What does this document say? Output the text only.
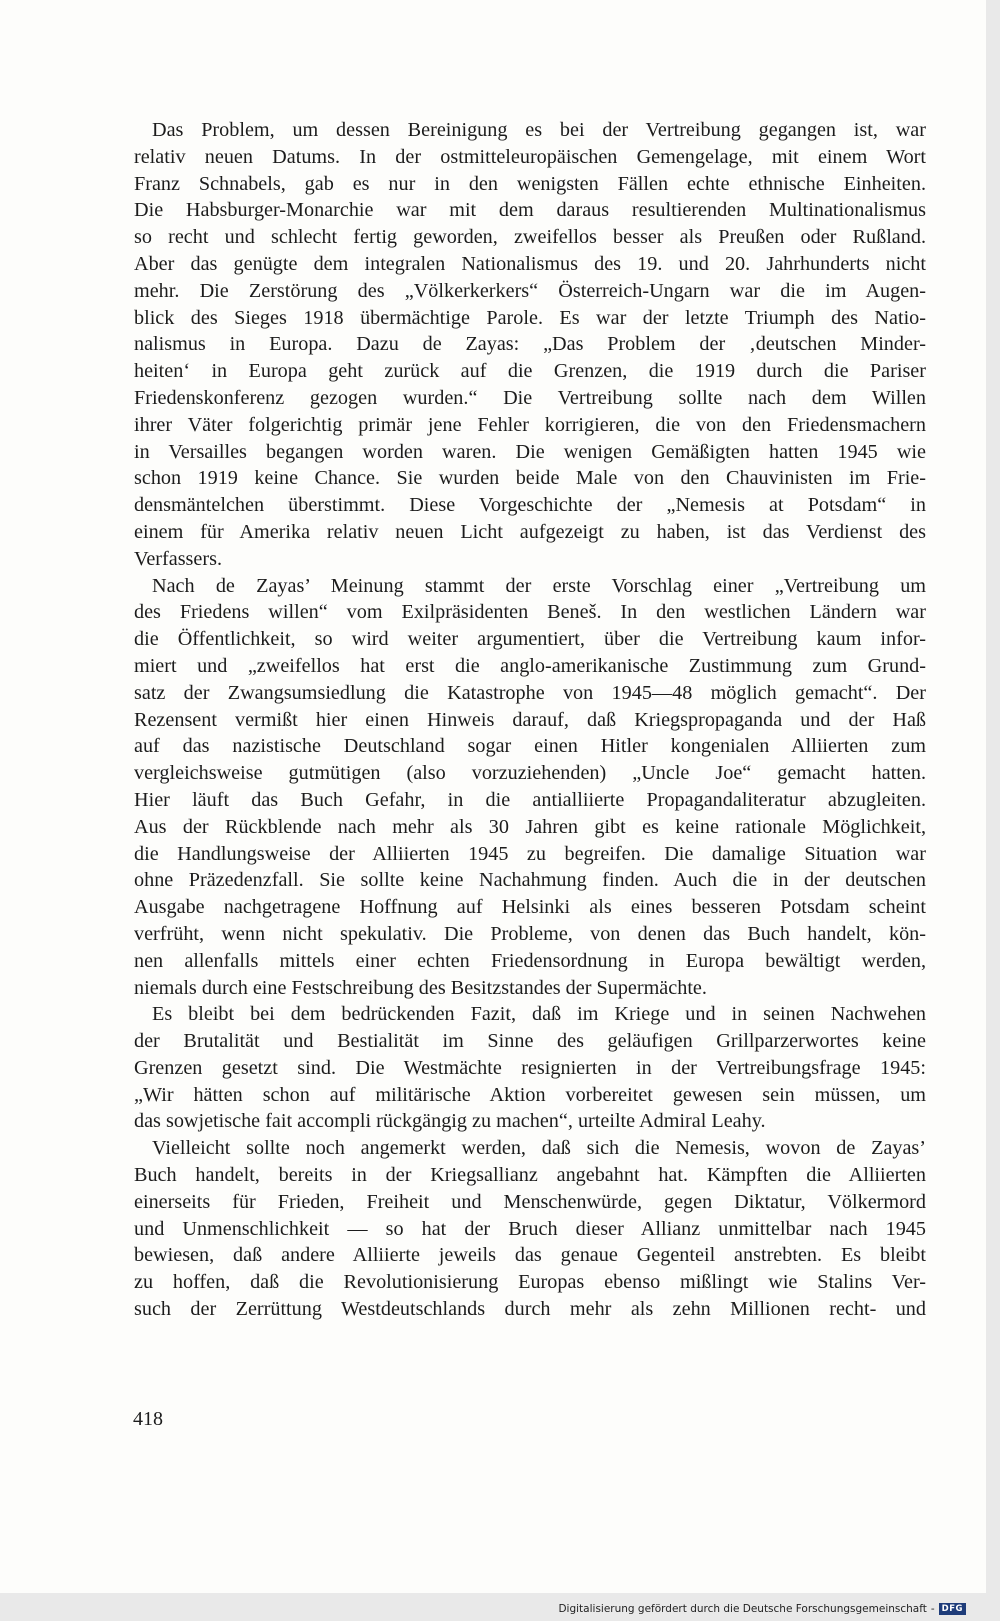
Das Problem, um dessen Bereinigung es bei der Vertreibung gegangen ist, war
relativ neuen Datums. In der ostmitteleuropäischen Gemengelage, mit einem Wort
Franz Schnabels, gab es nur in den wenigsten Fällen echte ethnische Einheiten.
Die Habsburger-Monarchie war mit dem daraus resultierenden Multinationalismus
so recht und schlecht fertig geworden, zweifellos besser als Preußen oder Rußland.
Aber das genügte dem integralen Nationalismus des 19. und 20. Jahrhunderts nicht
mehr. Die Zerstörung des „Völkerkerkers“ Österreich-Ungarn war die im Augen-
blick des Sieges 1918 übermächtige Parole. Es war der letzte Triumph des Natio-
nalismus in Europa. Dazu de Zayas: „Das Problem der ‚deutschen Minder-
heiten‘ in Europa geht zurück auf die Grenzen, die 1919 durch die Pariser
Friedenskonferenz gezogen wurden.“ Die Vertreibung sollte nach dem Willen
ihrer Väter folgerichtig primär jene Fehler korrigieren, die von den Friedensmachern
in Versailles begangen worden waren. Die wenigen Gemäßigten hatten 1945 wie
schon 1919 keine Chance. Sie wurden beide Male von den Chauvinisten im Frie-
densmäntelchen überstimmt. Diese Vorgeschichte der „Nemesis at Potsdam“ in
einem für Amerika relativ neuen Licht aufgezeigt zu haben, ist das Verdienst des
Verfassers.
Nach de Zayas’ Meinung stammt der erste Vorschlag einer „Vertreibung um
des Friedens willen“ vom Exilpräsidenten Beneš. In den westlichen Ländern war
die Öffentlichkeit, so wird weiter argumentiert, über die Vertreibung kaum infor-
miert und „zweifellos hat erst die anglo-amerikanische Zustimmung zum Grund-
satz der Zwangsumsiedlung die Katastrophe von 1945—48 möglich gemacht“. Der
Rezensent vermißt hier einen Hinweis darauf, daß Kriegspropaganda und der Haß
auf das nazistische Deutschland sogar einen Hitler kongenialen Alliierten zum
vergleichsweise gutmütigen (also vorzuziehenden) „Uncle Joe“ gemacht hatten.
Hier läuft das Buch Gefahr, in die antialliierte Propagandaliteratur abzugleiten.
Aus der Rückblende nach mehr als 30 Jahren gibt es keine rationale Möglichkeit,
die Handlungsweise der Alliierten 1945 zu begreifen. Die damalige Situation war
ohne Präzedenzfall. Sie sollte keine Nachahmung finden. Auch die in der deutschen
Ausgabe nachgetragene Hoffnung auf Helsinki als eines besseren Potsdam scheint
verfrüht, wenn nicht spekulativ. Die Probleme, von denen das Buch handelt, kön-
nen allenfalls mittels einer echten Friedensordnung in Europa bewältigt werden,
niemals durch eine Festschreibung des Besitzstandes der Supermächte.
Es bleibt bei dem bedrückenden Fazit, daß im Kriege und in seinen Nachwehen
der Brutalität und Bestialität im Sinne des geläufigen Grillparzerwortes keine
Grenzen gesetzt sind. Die Westmächte resignierten in der Vertreibungsfrage 1945:
„Wir hätten schon auf militärische Aktion vorbereitet gewesen sein müssen, um
das sowjetische fait accompli rückgängig zu machen“, urteilte Admiral Leahy.
Vielleicht sollte noch angemerkt werden, daß sich die Nemesis, wovon de Zayas’
Buch handelt, bereits in der Kriegsallianz angebahnt hat. Kämpften die Alliierten
einerseits für Frieden, Freiheit und Menschenwürde, gegen Diktatur, Völkermord
und Unmenschlichkeit — so hat der Bruch dieser Allianz unmittelbar nach 1945
bewiesen, daß andere Alliierte jeweils das genaue Gegenteil anstrebten. Es bleibt
zu hoffen, daß die Revolutionisierung Europas ebenso mißlingt wie Stalins Ver-
such der Zerrüttung Westdeutschlands durch mehr als zehn Millionen recht- und
418
Digitalisierung gefördert durch die Deutsche Forschungsgemeinschaft - DFG
